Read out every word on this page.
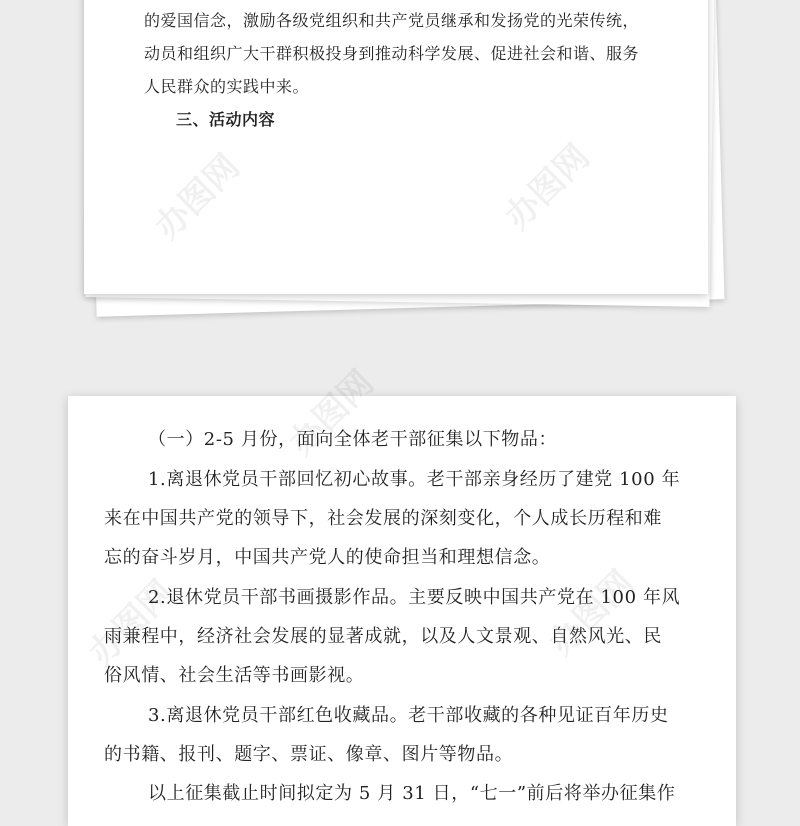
的爱国信念，激励各级党组织和共产党员继承和发扬党的光荣传统，
动员和组织广大干群积极投身到推动科学发展、促进社会和谐、服务
人民群众的实践中来。
三、活动内容
办图网	办图网
（一）2-5 月份，面向全体老干部征集以下物品：
1.离退休党员干部回忆初心故事。老干部亲身经历了建党 100 年
来在中国共产党的领导下，社会发展的深刻变化，个人成长历程和难
忘的奋斗岁月，中国共产党人的使命担当和理想信念。
2.退休党员干部书画摄影作品。主要反映中国共产党在 100 年风
雨兼程中，经济社会发展的显著成就，以及人文景观、自然风光、民
俗风情、社会生活等书画影视。
3.离退休党员干部红色收藏品。老干部收藏的各种见证百年历史
的书籍、报刊、题字、票证、像章、图片等物品。
以上征集截止时间拟定为 5 月 31 日，“七一”前后将举办征集作
办图网
办图网	办图网
